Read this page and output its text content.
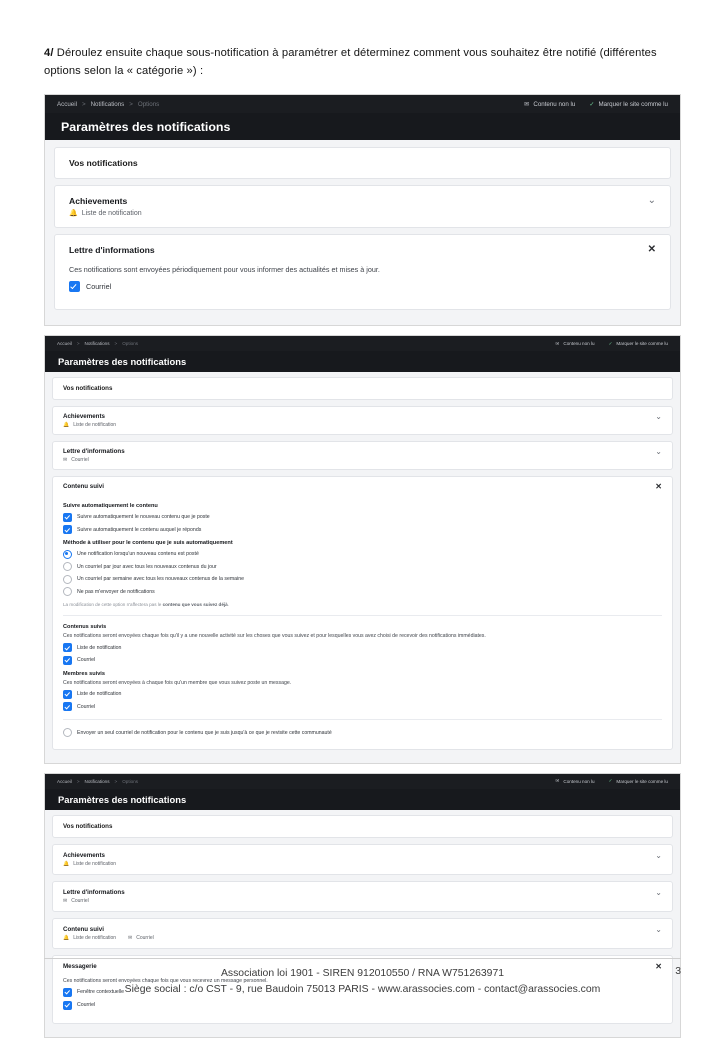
4/ Déroulez ensuite chaque sous-notification à paramétrer et déterminez comment vous souhaitez être notifié (différentes options selon la « catégorie ») :

Accueil > Notifications > Options	✉ Contenu non lu ✓ Marquer le site comme lu
Paramètres des notifications
Vos notifications
Achievements
🔔 Liste de notification
⌄
Lettre d'informations	✕
Ces notifications sont envoyées périodiquement pour vous informer des actualités et mises à jour.
Courriel
Accueil > Notifications > Options	✉ Contenu non lu	✓ Marquer le site comme lu
Paramètres des notifications
Vos notifications
Achievements
🔔 Liste de notification
⌄
Lettre d'informations
✉ Courriel
⌄
Contenu suivi	✕
Suivre automatiquement le contenu
Suivre automatiquement le nouveau contenu que je poste
Suivre automatiquement le contenu auquel je réponds
Méthode à utiliser pour le contenu que je suis automatiquement
Une notification lorsqu'un nouveau contenu est posté
Un courriel par jour avec tous les nouveaux contenus du jour
Un courriel par semaine avec tous les nouveaux contenus de la semaine
Ne pas m'envoyer de notifications
La modification de cette option n'affectera pas le contenu que vous suivez déjà.
Contenus suivis
Ces notifications seront envoyées chaque fois qu'il y a une nouvelle activité sur les choses que vous suivez et pour lesquelles vous avez choisi de recevoir des notifications immédiates.
Liste de notification
Courriel
Membres suivis
Ces notifications seront envoyées à chaque fois qu'un membre que vous suivez poste un message.
Liste de notification
Courriel
Envoyer un seul courriel de notification pour le contenu que je suis jusqu'à ce que je revisite cette communauté
Accueil > Notifications > Options	✉ Contenu non lu	✓ Marquer le site comme lu
Paramètres des notifications
Vos notifications
Achievements
🔔 Liste de notification
⌄
Lettre d'informations
✉ Courriel
⌄
Contenu suivi
🔔 Liste de notification ✉ Courriel
⌄
Messagerie	✕
Ces notifications seront envoyées chaque fois que vous recevrez un message personnel.
Fenêtre contextuelle
Courriel
Association loi 1901 - SIREN 912010550 / RNA W751263971
Siège social : c/o CST - 9, rue Baudoin 75013 PARIS - www.arassocies.com - contact@arassocies.com
3
